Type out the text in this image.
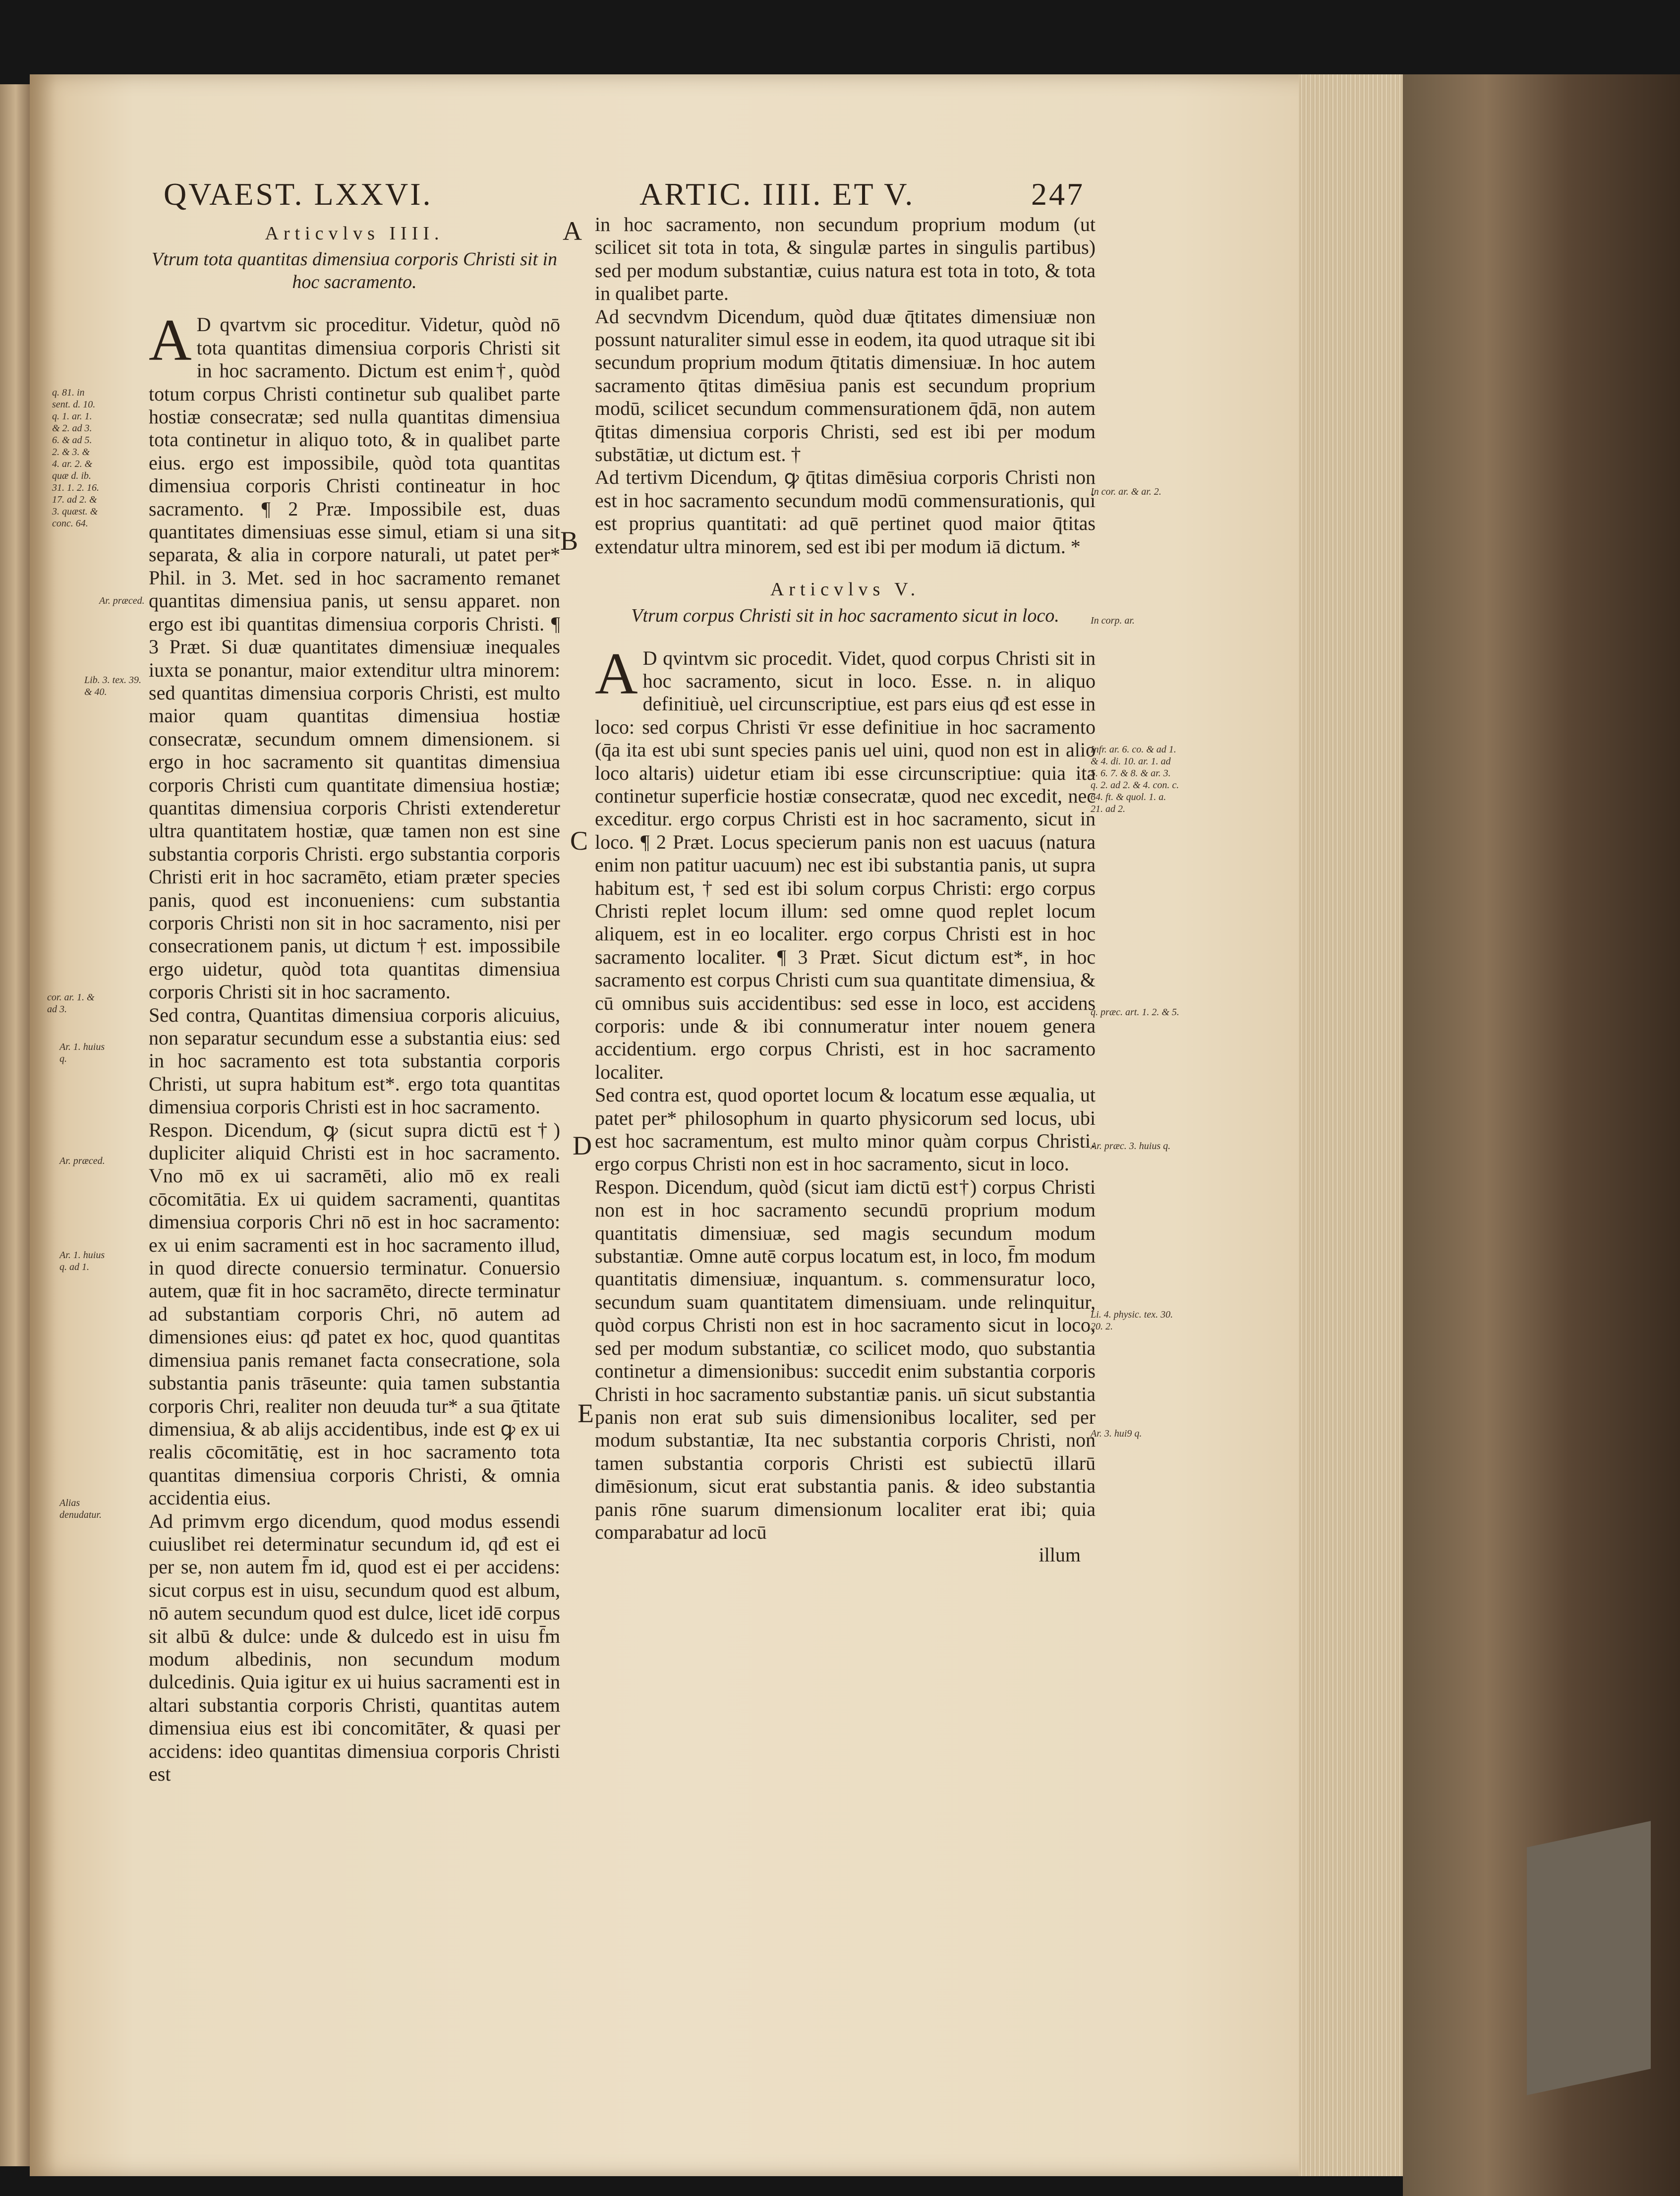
QVAEST. LXXVI.	ARTIC. IIII. ET V.	247
Articvlvs IIII.
Vtrum tota quantitas dimensiua corporis Christi sit in hoc sacramento.

A D qvartvm sic proceditur. Videtur, quòd nō tota quantitas dimensiua corporis Christi sit in hoc sacramento. Dictum est enim†, quòd totum corpus Christi continetur sub qualibet parte hostiæ consecratæ; sed nulla quantitas dimensiua tota continetur in aliquo toto, & in qualibet parte eius. ergo est impossibile, quòd tota quantitas dimensiua corporis Christi contineatur in hoc sacramento. ¶ 2 Præ. Impossibile est, duas quantitates dimensiuas esse simul, etiam si una sit separata, & alia in corpore naturali, ut patet per* Phil. in 3. Met. sed in hoc sacramento remanet quantitas dimensiua panis, ut sensu apparet. non ergo est ibi quantitas dimensiua corporis Christi. ¶ 3 Præt. Si duæ quantitates dimensiuæ inequales iuxta se ponantur, maior extenditur ultra minorem: sed quantitas dimensiua corporis Christi, est multo maior quam quantitas dimensiua hostiæ consecratæ, secundum omnem dimensionem. si ergo in hoc sacramento sit quantitas dimensiua corporis Christi cum quantitate dimensiua hostiæ; quantitas dimensiua corporis Christi extenderetur ultra quantitatem hostiæ, quæ tamen non est sine substantia corporis Christi. ergo substantia corporis Christi erit in hoc sacramēto, etiam præter species panis, quod est inconueniens: cum substantia corporis Christi non sit in hoc sacramento, nisi per consecrationem panis, ut dictum † est. impossibile ergo uidetur, quòd tota quantitas dimensiua corporis Christi sit in hoc sacramento.

Sed contra, Quantitas dimensiua corporis alicuius, non separatur secundum esse a substantia eius: sed in hoc sacramento est tota substantia corporis Christi, ut supra habitum est*. ergo tota quantitas dimensiua corporis Christi est in hoc sacramento.

Respon. Dicendum, ꝙ (sicut supra dictū est†) dupliciter aliquid Christi est in hoc sacramento. Vno mō ex ui sacramēti, alio mō ex reali cōcomitātia. Ex ui quidem sacramenti, quantitas dimensiua corporis Chri nō est in hoc sacramento: ex ui enim sacramenti est in hoc sacramento illud, in quod directe conuersio terminatur. Conuersio autem, quæ fit in hoc sacramēto, directe terminatur ad substantiam corporis Chri, nō autem ad dimensiones eius: qđ patet ex hoc, quod quantitas dimensiua panis remanet facta consecratione, sola substantia panis trāseunte: quia tamen substantia corporis Chri, realiter non deuuda tur* a sua q̄titate dimensiua, & ab alijs accidentibus, inde est ꝙ ex ui realis cōcomitātię, est in hoc sacramento tota quantitas dimensiua corporis Christi, & omnia accidentia eius.

Ad primvm ergo dicendum, quod modus essendi cuiuslibet rei determinatur secundum id, qđ est ei per se, non autem f̄m id, quod est ei per accidens: sicut corpus est in uisu, secundum quod est album, nō autem secundum quod est dulce, licet idē corpus sit albū & dulce: unde & dulcedo est in uisu f̄m modum albedinis, non secundum modum dulcedinis. Quia igitur ex ui huius sacramenti est in altari substantia corporis Christi, quantitas autem dimensiua eius est ibi concomitāter, & quasi per accidens: ideo quantitas dimensiua corporis Christi est

in hoc sacramento, non secundum proprium modum (ut scilicet sit tota in tota, & singulæ partes in singulis partibus) sed per modum substantiæ, cuius natura est tota in toto, & tota in qualibet parte.

Ad secvndvm Dicendum, quòd duæ q̄titates dimensiuæ non possunt naturaliter simul esse in eodem, ita quod utraque sit ibi secundum proprium modum q̄titatis dimensiuæ. In hoc autem sacramento q̄titas dimēsiua panis est secundum proprium modū, scilicet secundum commensurationem q̄dā, non autem q̄titas dimensiua corporis Christi, sed est ibi per modum substātiæ, ut dictum est. †

Ad tertivm Dicendum, ꝙ q̄titas dimēsiua corporis Christi non est in hoc sacramento secundum modū commensurationis, qui est proprius quantitati: ad quē pertinet quod maior q̄titas extendatur ultra minorem, sed est ibi per modum iā dictum. *

Articvlvs V.
Vtrum corpus Christi sit in hoc sacramento sicut in loco.

A D qvintvm sic procedit. Videt, quod corpus Christi sit in hoc sacramento, sicut in loco. Esse. n. in aliquo definitiuè, uel circunscriptiue, est pars eius qđ est esse in loco: sed corpus Christi v̄r esse definitiue in hoc sacramento (q̄a ita est ubi sunt species panis uel uini, quod non est in alio loco altaris) uidetur etiam ibi esse circunscriptiue: quia ita continetur superficie hostiæ consecratæ, quod nec excedit, nec exceditur. ergo corpus Christi est in hoc sacramento, sicut in loco. ¶ 2 Præt. Locus specierum panis non est uacuus (natura enim non patitur uacuum) nec est ibi substantia panis, ut supra habitum est, † sed est ibi solum corpus Christi: ergo corpus Christi replet locum illum: sed omne quod replet locum aliquem, est in eo localiter. ergo corpus Christi est in hoc sacramento localiter. ¶ 3 Præt. Sicut dictum est*, in hoc sacramento est corpus Christi cum sua quantitate dimensiua, & cū omnibus suis accidentibus: sed esse in loco, est accidens corporis: unde & ibi connumeratur inter nouem genera accidentium. ergo corpus Christi, est in hoc sacramento localiter.

Sed contra est, quod oportet locum & locatum esse æqualia, ut patet per* philosophum in quarto physicorum sed locus, ubi est hoc sacramentum, est multo minor quàm corpus Christi. ergo corpus Christi non est in hoc sacramento, sicut in loco.

Respon. Dicendum, quòd (sicut iam dictū est†) corpus Christi non est in hoc sacramento secundū proprium modum quantitatis dimensiuæ, sed magis secundum modum substantiæ. Omne autē corpus locatum est, in loco, f̄m modum quantitatis dimensiuæ, inquantum. s. commensuratur loco, secundum suam quantitatem dimensiuam. unde relinquitur, quòd corpus Christi non est in hoc sacramento sicut in loco, sed per modum substantiæ, co scilicet modo, quo substantia continetur a dimensionibus: succedit enim substantia corporis Christi in hoc sacramento substantiæ panis. un̄ sicut substantia panis non erat sub suis dimensionibus localiter, sed per modum substantiæ, Ita nec substantia corporis Christi, non tamen substantia corporis Christi est subiectū illarū dimēsionum, sicut erat substantia panis. & ideo substantia panis rōne suarum dimensionum localiter erat ibi; quia comparabatur ad locū

illum

A
B
C
D
E
q. 81. in sent. d. 10. q. 1. ar. 1. & 2. ad 3. 6. & ad 5. 2. & 3. & 4. ar. 2. & quæ d. ib. 31. 1. 2. 16. 17. ad 2. & 3. quæst. & conc. 64.
Ar. præced.
Lib. 3. tex. 39. & 40.
cor. ar. 1. & ad 3.
Ar. 1. huius q.
Ar. præced.
Ar. 1. huius q. ad 1.
Alias denudatur.
In cor. ar. & ar. 2.
In corp. ar.
Infr. ar. 6. co. & ad 1. & 4. di. 10. ar. 1. ad 5. 6. 7. & 8. & ar. 3. q. 2. ad 2. & 4. con. c. 64. ft. & quol. 1. a. 21. ad 2.
q. præc. art. 1. 2. & 5.
Ar. præc. 3. huius q.
Li. 4. physic. tex. 30. 20. 2.
Ar. 3. hui9 q.
